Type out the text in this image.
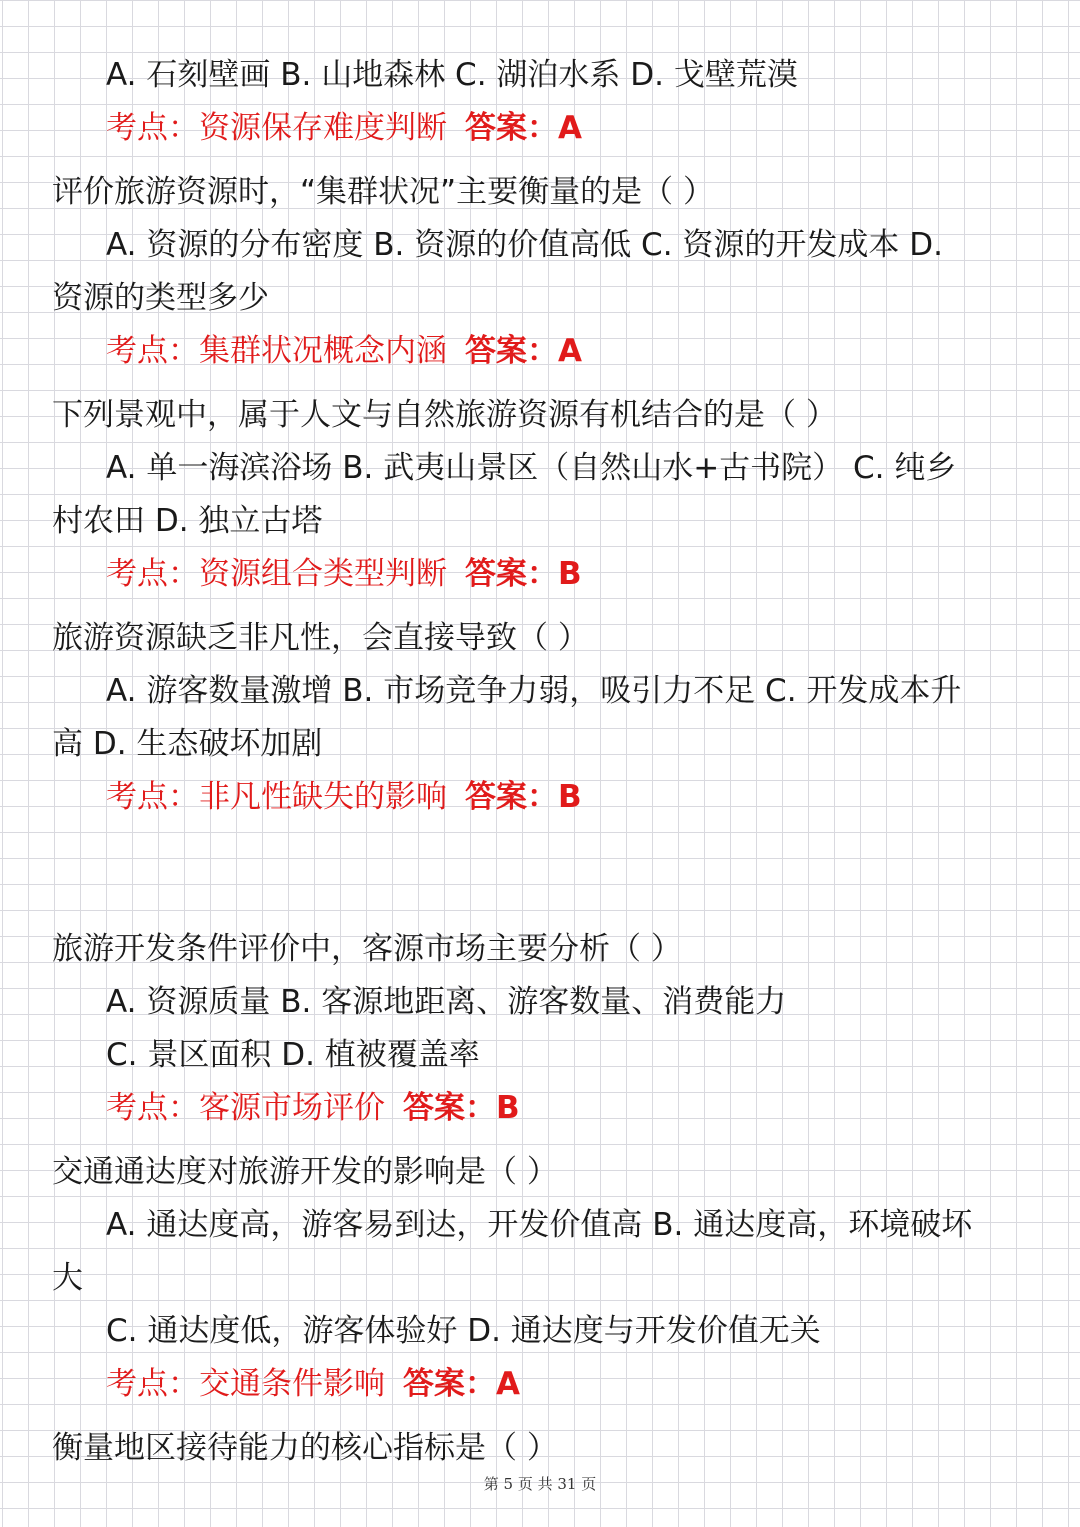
A. 石刻壁画 B. 山地森林 C. 湖泊水系 D. 戈壁荒漠
考点：资源保存难度判断 答案：A
评价旅游资源时，“集群状况”主要衡量的是（ ）
A. 资源的分布密度 B. 资源的价值高低 C. 资源的开发成本 D.
资源的类型多少
考点：集群状况概念内涵 答案：A
下列景观中，属于人文与自然旅游资源有机结合的是（ ）
A. 单一海滨浴场 B. 武夷山景区（自然山水+古书院） C. 纯乡
村农田 D. 独立古塔
考点：资源组合类型判断 答案：B
旅游资源缺乏非凡性，会直接导致（ ）
A. 游客数量激增 B. 市场竞争力弱，吸引力不足 C. 开发成本升
高 D. 生态破坏加剧
考点：非凡性缺失的影响 答案：B
旅游开发条件评价中，客源市场主要分析（ ）
A. 资源质量 B. 客源地距离、游客数量、消费能力
C. 景区面积 D. 植被覆盖率
考点：客源市场评价 答案：B
交通通达度对旅游开发的影响是（ ）
A. 通达度高，游客易到达，开发价值高 B. 通达度高，环境破坏
大
C. 通达度低，游客体验好 D. 通达度与开发价值无关
考点：交通条件影响 答案：A
衡量地区接待能力的核心指标是（ ）
第 5 页 共 31 页
